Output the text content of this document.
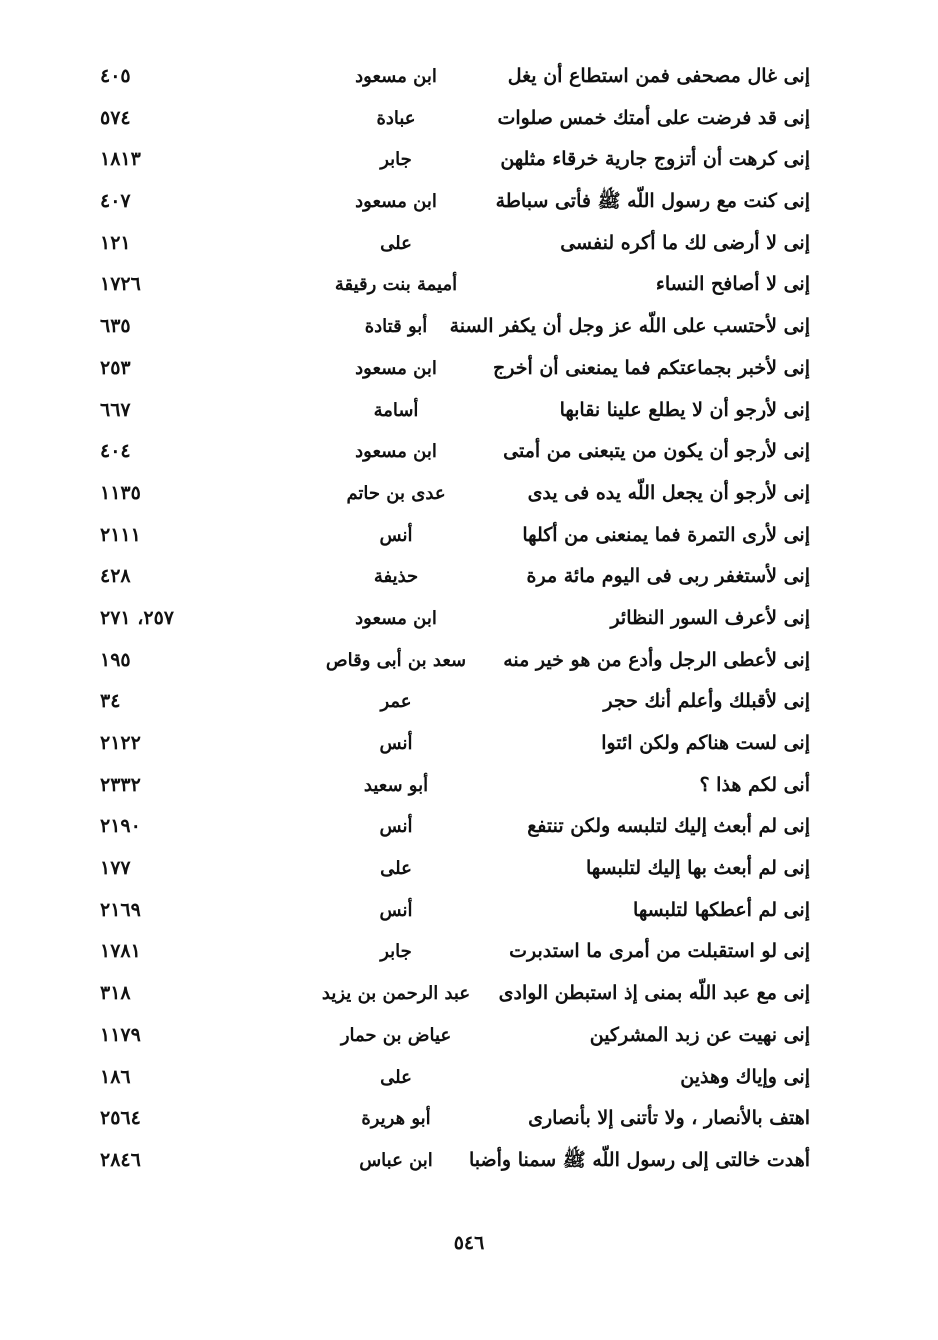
إنى غال مصحفى فمن استطاع أن يغل
ابن مسعود
٤٠٥
إنى قد فرضت على أمتك خمس صلوات
عبادة
٥٧٤
إنى كرهت أن أتزوج جارية خرقاء مثلهن
جابر
١٨١٣
إنى كنت مع رسول اللّه ﷺ فأتى سباطة
ابن مسعود
٤٠٧
إنى لا أرضى لك ما أكره لنفسى
على
١٢١
إنى لا أصافح النساء
أميمة بنت رقيقة
١٧٢٦
إنى لأحتسب على اللّه عز وجل أن يكفر السنة
أبو قتادة
٦٣٥
إنى لأخبر بجماعتكم فما يمنعنى أن أخرج
ابن مسعود
٢٥٣
إنى لأرجو أن لا يطلع علينا نقابها
أسامة
٦٦٧
إنى لأرجو أن يكون من يتبعنى من أمتى
ابن مسعود
٤٠٤
إنى لأرجو أن يجعل اللّه يده فى يدى
عدى بن حاتم
١١٣٥
إنى لأرى التمرة فما يمنعنى من أكلها
أنس
٢١١١
إنى لأستغفر ربى فى اليوم مائة مرة
حذيفة
٤٢٨
إنى لأعرف السور النظائر
ابن مسعود
٢٥٧، ٢٧١
إنى لأعطى الرجل وأدع من هو خير منه
سعد بن أبى وقاص
١٩٥
إنى لأقبلك وأعلم أنك حجر
عمر
٣٤
إنى لست هناكم ولكن ائتوا
أنس
٢١٢٢
أنى لكم هذا ؟
أبو سعيد
٢٣٣٢
إنى لم أبعث إليك لتلبسه ولكن تنتفع
أنس
٢١٩٠
إنى لم أبعث بها إليك لتلبسها
على
١٧٧
إنى لم أعطكها لتلبسها
أنس
٢١٦٩
إنى لو استقبلت من أمرى ما استدبرت
جابر
١٧٨١
إنى مع عبد اللّه بمنى إذ استبطن الوادى
عبد الرحمن بن يزيد
٣١٨
إنى نهيت عن زبد المشركين
عياض بن حمار
١١٧٩
إنى وإياك وهذين
على
١٨٦
اهتف بالأنصار ، ولا تأتنى إلا بأنصارى
أبو هريرة
٢٥٦٤
أهدت خالتى إلى رسول اللّه ﷺ سمنا وأضبا
ابن عباس
٢٨٤٦
٥٤٦
